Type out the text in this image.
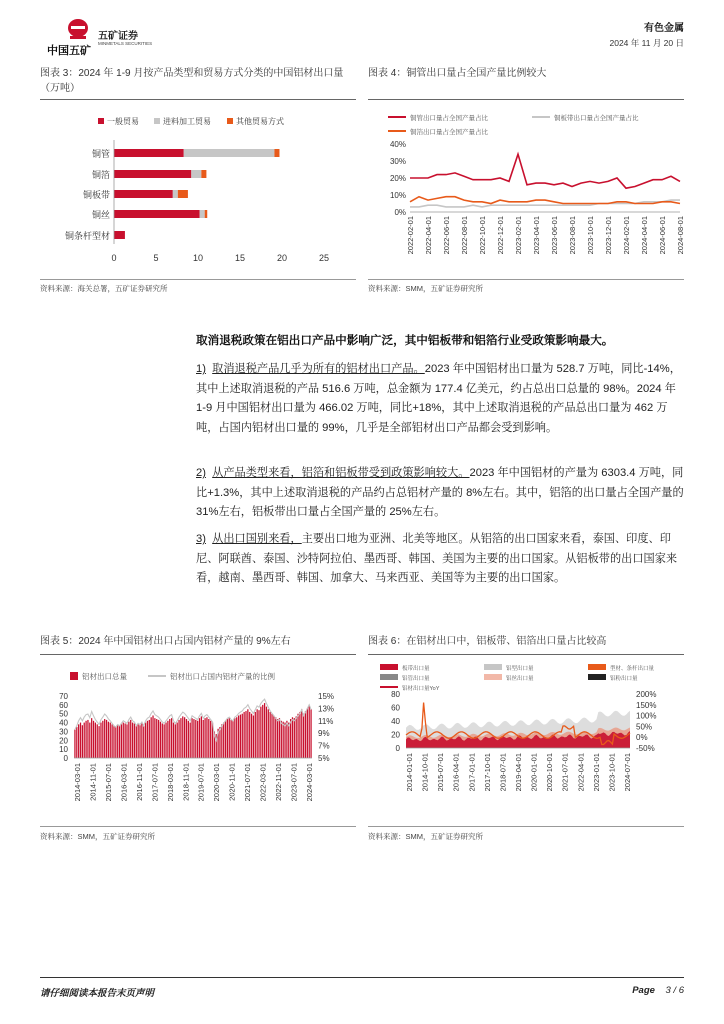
中国五矿
五矿证券
MINMETALS SECURITIES
有色金属
2024 年 11 月 20 日
图表 3：2024 年 1-9 月按产品类型和贸易方式分类的中国铝材出口量（万吨）
一般贸易	进料加工贸易	其他贸易方式
铜管
铜箔
铜板带
铜丝
铜条杆型材
0	5	10	15	20	25
资料来源：海关总署，五矿证券研究所
图表 4：铜管出口量占全国产量比例较大
铜管出口量占全国产量占比	铜板带出口量占全国产量占比
铜箔出口量占全国产量占比
0%
10%
20%
30%
40%
2022-02-01 2022-04-01 2022-06-01 2022-08-01 2022-10-01 2022-12-01 2023-02-01 2023-04-01 2023-06-01 2023-08-01 2023-10-01 2023-12-01 2024-02-01 2024-04-01 2024-06-01 2024-08-01
资料来源：SMM，五矿证券研究所
取消退税政策在铝出口产品中影响广泛，其中铝板带和铝箔行业受政策影响最大。
1) 取消退税产品几乎为所有的铝材出口产品。2023 年中国铝材出口量为 528.7 万吨，同比-14%，其中上述取消退税的产品 516.6 万吨，总金额为 177.4 亿美元，约占总出口总量的 98%。2024 年 1-9 月中国铝材出口量为 466.02 万吨，同比+18%，其中上述取消退税的产品总出口量为 462 万吨，占国内铝材出口量的 99%，几乎是全部铝材出口产品都会受到影响。
2) 从产品类型来看，铝箔和铝板带受到政策影响较大。2023 年中国铝材的产量为 6303.4 万吨，同比+1.3%，其中上述取消退税的产品约占总铝材产量的 8%左右。其中，铝箔的出口量占全国产量的 31%左右，铝板带出口量占全国产量的 25%左右。
3) 从出口国别来看，主要出口地为亚洲、北美等地区。从铝箔的出口国家来看，泰国、印度、印尼、阿联酋、泰国、沙特阿拉伯、墨西哥、韩国、美国为主要的出口国家。从铝板带的出口国家来看，越南、墨西哥、韩国、加拿大、马来西亚、美国等为主要的出口国家。
图表 5：2024 年中国铝材出口占国内铝材产量的 9%左右
铝材出口总量	铝材出口占国内铝材产量的比例
0
10
20
30
40
50
60
70
5%
7%
9%
11%
13%
15%
2014-03-01 2014-11-01 2015-07-01 2016-03-01 2016-11-01 2017-07-01 2018-03-01 2018-11-01 2019-07-01 2020-03-01 2020-11-01 2021-07-01 2022-03-01 2022-11-01 2023-07-01 2024-03-01
资料来源：SMM，五矿证券研究所
图表 6：在铝材出口中，铝板带、铝箔出口量占比较高
板带出口量	铝型出口量	型材、条杆出口量
铝管出口量	铝丝出口量	铝粉出口量
铝材出口量YoY
0
20
40
60
80
-50%
0%
50%
100%
150%
200%
2014-01-01 2014-10-01 2015-07-01 2016-04-01 2017-01-01 2017-10-01 2018-07-01 2019-04-01 2020-01-01 2020-10-01 2021-07-01 2022-04-01 2023-01-01 2023-10-01 2024-07-01
资料来源：SMM，五矿证券研究所
请仔细阅读本报告末页声明	Page 3 / 6
